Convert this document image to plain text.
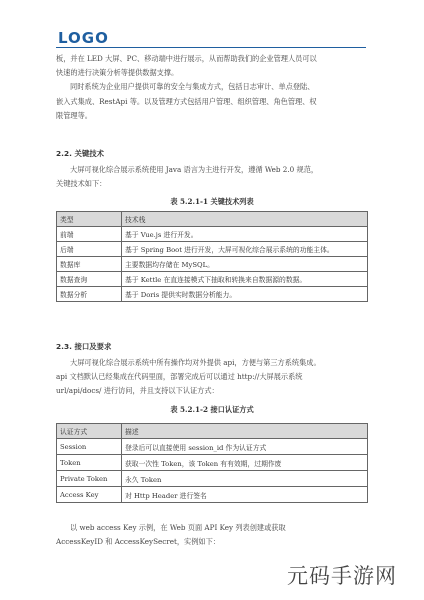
LOGO
板，并在 LED 大屏、PC、移动端中进行展示，从而帮助我们的企业管理人员可以
快速的进行决策分析等提供数据支撑。
同时系统为企业用户提供可靠的安全与集成方式，包括日志审计、单点登陆、
嵌入式集成、RestApi 等。以及管理方式包括用户管理、组织管理、角色管理、权
限管理等。
2.2. 关键技术
大屏可视化综合展示系统使用 Java 语言为主进行开发，遵循 Web 2.0 规范，
关键技术如下：
表 5.2.1-1 关键技术列表
类型	技术栈
前端	基于 Vue.js 进行开发。
后端	基于 Spring Boot 进行开发，大屏可视化综合展示系统的功能主体。
数据库	主要数据均存储在 MySQL。
数据查询	基于 Kettle 在直连接模式下抽取和转换来自数据源的数据。
数据分析	基于 Doris 提供实时数据分析能力。
2.3. 接口及要求
大屏可视化综合展示系统中所有操作均对外提供 api，方便与第三方系统集成。
api 文档默认已经集成在代码里面，部署完成后可以通过 http://大屏展示系统
url/api/docs/ 进行访问，并且支持以下认证方式：
表 5.2.1-2 接口认证方式
认证方式	描述
Session	登录后可以直接使用 session_id 作为认证方式
Token	获取一次性 Token，该 Token 有有效期，过期作废
Private Token	永久 Token
Access Key	对 Http Header 进行签名
以 web access Key 示例，在 Web 页面 API Key 列表创建或获取
AccessKeyID 和 AccessKeySecret，实例如下：
元码手游网
